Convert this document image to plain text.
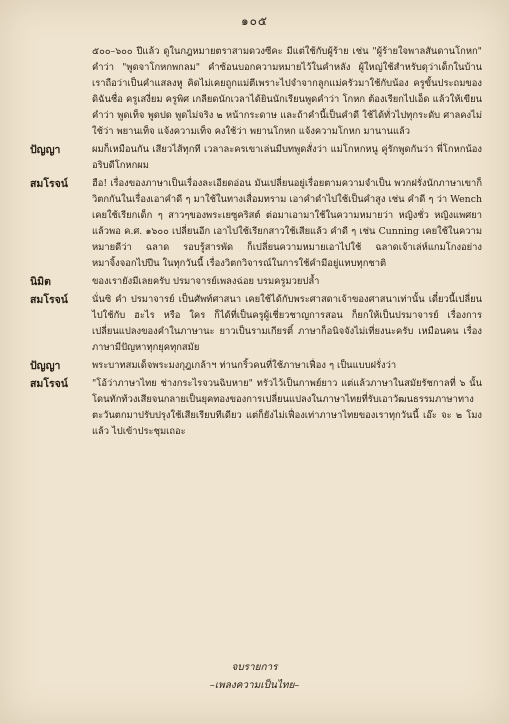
๑๐๕
๕๐๐–๖๐๐ ปีแล้ว ดูในกฎหมายตราสามดวงซีคะ มีแต่ใช้กับผู้ร้าย เช่น "ผู้ร้ายใจพาลสันดานโกหก" คำว่า "พูดจาโกหกพกลม" คำซ้อนบอกความหมายไว้ในคำหลัง ผู้ใหญ่ใช้สำหรับดุว่าเด็กในบ้าน เราถือว่าเป็นคำแสลงหู คิดไม่เคยถูกแม่ตีเพราะไปจำจากลูกแม่ครัวมาใช้กับน้อง ครูขั้นประถมของดิฉันชื่อ ครูเสงี่ยม ครูพิศ เกลียดนักเวลาได้ยินนักเรียนพูดคำว่า โกหก ต้องเรียกไปเอ็ด แล้วให้เขียนคำว่า พูดเท็จ พูดปด พูดไม่จริง ๒ หน้ากระดาษ และถ้าคำนี้เป็นคำดี ใช้ได้ทั่วไปทุกระดับ ศาลคงไม่ใช้ว่า พยานเท็จ แจ้งความเท็จ คงใช้ว่า พยานโกหก แจ้งความโกหก มานานแล้ว
ปัญญา	ผมก็เหมือนกัน เสียวไส้ทุกที เวลาละครเขาเล่นมีบทพูดสั่งว่า แม่โกหกหนู คู่รักพูดกันว่า พี่โกหกน้อง อริบดีโกหกผม
สมโรจน์	ฮือ! เรื่องของภาษาเป็นเรื่องละเอียดอ่อน มันเปลี่ยนอยู่เรื่อยตามความจำเป็น พวกฝรั่งนักภาษาเขาก็วิตกกันในเรื่องเอาคำดี ๆ มาใช้ในทางเสื่อมทราม เอาคำดำไปใช้เป็นคำสูง เช่น คำดี ๆ ว่า Wench เคยใช้เรียกเด็ก ๆ สาวๆของพระเยซูคริสต์ ต่อมาเอามาใช้ในความหมายว่า หญิงชั่ว หญิงแพศยา แล้วพอ ค.ศ. ๑๖๐๐ เปลี่ยนอีก เอาไปใช้เรียกสาวใช้เสียแล้ว คำดี ๆ เช่น Cunning เคยใช้ในความหมายดีว่า ฉลาด รอบรู้สารพัด ก็เปลี่ยนความหมายเอาไปใช้ ฉลาดเจ้าเล่ห์แกมโกงอย่างหมาจิ้งจอกไปปีน ในทุกวันนี้ เรื่องวิตกวิจารณ์ในการใช้คำมีอยู่แทบทุกชาติ
นิมิต	ของเรายังมีเลยครับ ปรมาจารย์เพลงฉ่อย บรมครูมวยปล้ำ
สมโรจน์	นั่นซิ คำ ปรมาจารย์ เป็นศัพท์ศาสนา เคยใช้ได้กับพระศาสดาเจ้าของศาสนาเท่านั้น เดี๋ยวนี้เปลี่ยนไปใช้กับ ฮะไร หรือ ใคร ก็ได้ที่เป็นครูผู้เชี่ยวชาญการสอน ก็ยกให้เป็นปรมาจารย์ เรื่องการเปลี่ยนแปลงของคำในภาษานะ ยาวเป็นรามเกียรติ์ ภาษาก็อนิจจังไม่เที่ยงนะครับ เหมือนคน เรื่องภาษามีปัญหาทุกยุคทุกสมัย
ปัญญา	พระบาทสมเด็จพระมงกุฎเกล้าฯ ท่านกริ้วคนที่ใช้ภาษาเฟื่อง ๆ เป็นแบบฝรั่งว่า
สมโรจน์	"โอ้ว่าภาษาไทย ช่างกระไรจวนฉิบหาย" ทรัวไว้เป็นกาพย์ยาว แต่แล้วภาษาในสมัยรัชกาลที่ ๖ นั้น โดนทักท้วงเสียจนกลายเป็นยุคทองของการเปลี่ยนแปลงในภาษาไทยที่รับเอาวัฒนธรรมภาษาทางตะวันตกมาปรับปรุงใช้เสียเรียบทีเดียว แต่ก็ยังไม่เฟื่องเท่าภาษาไทยของเราทุกวันนี้ เอ๊ะ จะ ๒ โมงแล้ว ไปเข้าประชุมเถอะ
จบรายการ
–เพลงความเป็นไทย–
